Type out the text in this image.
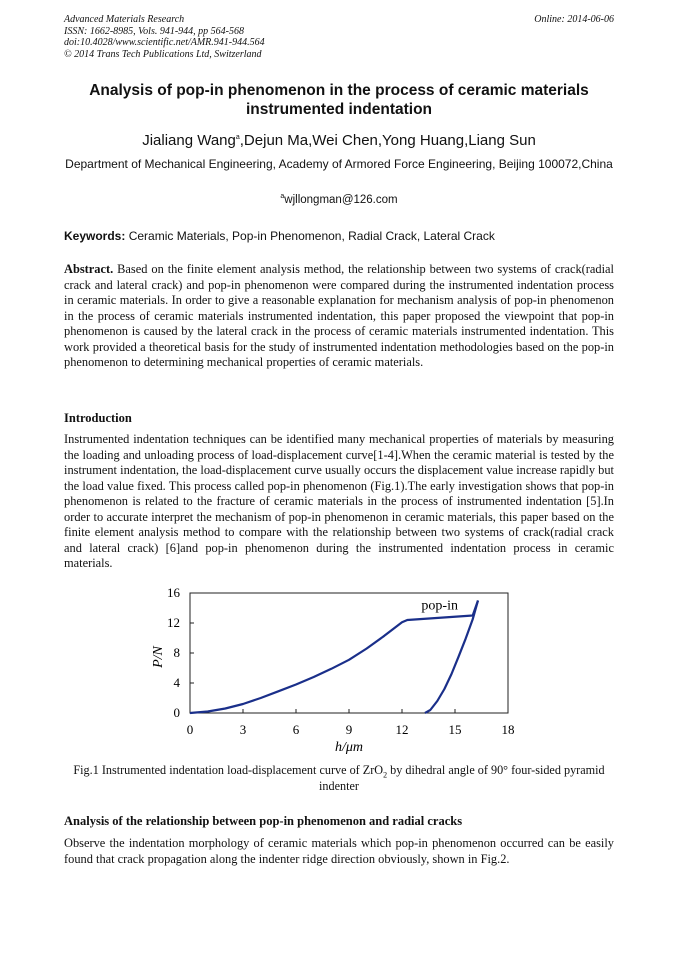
Advanced Materials Research
ISSN: 1662-8985, Vols. 941-944, pp 564-568
doi:10.4028/www.scientific.net/AMR.941-944.564
© 2014 Trans Tech Publications Ltd, Switzerland
Online: 2014-06-06
Analysis of pop-in phenomenon in the process of ceramic materials instrumented indentation
Jialiang Wang$^a$,Dejun Ma,Wei Chen,Yong Huang,Liang Sun
Department of Mechanical Engineering, Academy of Armored Force Engineering, Beijing 100072,China
$^a$wjllongman@126.com
Keywords: Ceramic Materials, Pop-in Phenomenon, Radial Crack, Lateral Crack
Abstract. Based on the finite element analysis method, the relationship between two systems of crack(radial crack and lateral crack) and pop-in phenomenon were compared during the instrumented indentation process in ceramic materials. In order to give a reasonable explanation for mechanism analysis of pop-in phenomenon in the process of ceramic materials instrumented indentation, this paper proposed the viewpoint that pop-in phenomenon is caused by the lateral crack in the process of ceramic materials instrumented indentation. This work provided a theoretical basis for the study of instrumented indentation methodologies based on the pop-in phenomenon to determining mechanical properties of ceramic materials.
Introduction
Instrumented indentation techniques can be identified many mechanical properties of materials by measuring the loading and unloading process of load-displacement curve[1-4].When the ceramic material is tested by the instrument indentation, the load-displacement curve usually occurs the displacement value increase rapidly but the load value fixed. This process called pop-in phenomenon (Fig.1).The early investigation shows that pop-in phenomenon is related to the fracture of ceramic materials in the process of instrumented indentation [5].In order to accurate interpret the mechanism of pop-in phenomenon in ceramic materials, this paper based on the finite element analysis method to compare with the relationship between two systems of crack(radial crack and lateral crack) [6]and pop-in phenomenon during the instrumented indentation process in ceramic materials.
0	3	6	9	12	15	18
0
4
8
12
16
h/μm
P/N
pop-in
Fig.1 Instrumented indentation load-displacement curve of ZrO$_2$ by dihedral angle of 90° four-sided pyramid indenter
Analysis of the relationship between pop-in phenomenon and radial cracks
Observe the indentation morphology of ceramic materials which pop-in phenomenon occurred can be easily found that crack propagation along the indenter ridge direction obviously, shown in Fig.2.
